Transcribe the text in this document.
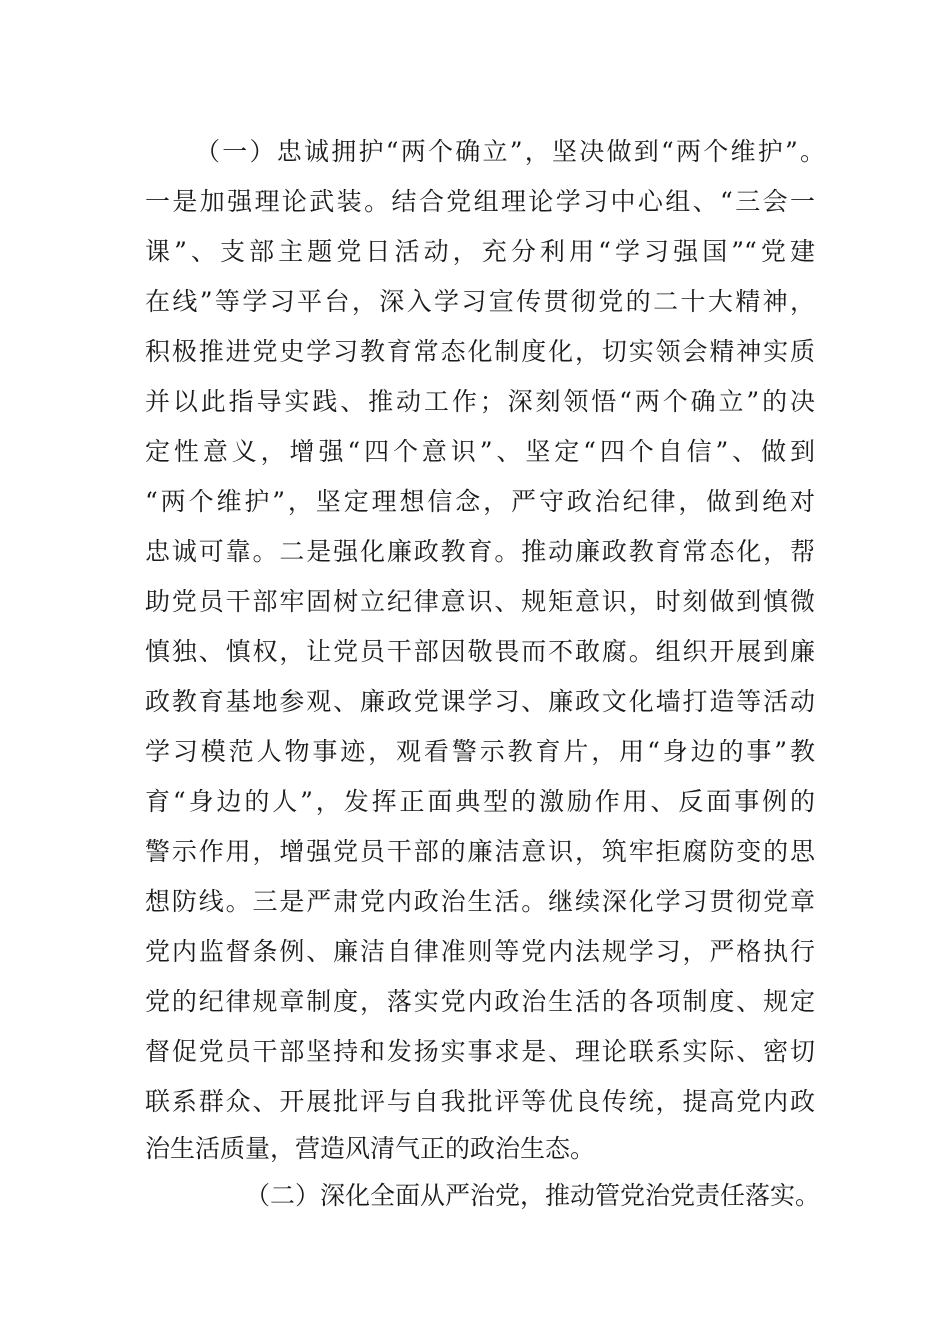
（一）忠诚拥护“两个确立”，坚决做到“两个维护”。
一是加强理论武装。结合党组理论学习中心组、“三会一
课”、支部主题党日活动，充分利用“学习强国”“党建
在线”等学习平台，深入学习宣传贯彻党的二十大精神，
积极推进党史学习教育常态化制度化，切实领会精神实质
并以此指导实践、推动工作；深刻领悟“两个确立”的决
定性意义，增强“四个意识”、坚定“四个自信”、做到
“两个维护”，坚定理想信念，严守政治纪律，做到绝对
忠诚可靠。二是强化廉政教育。推动廉政教育常态化，帮
助党员干部牢固树立纪律意识、规矩意识，时刻做到慎微
慎独、慎权，让党员干部因敬畏而不敢腐。组织开展到廉
政教育基地参观、廉政党课学习、廉政文化墙打造等活动
学习模范人物事迹，观看警示教育片，用“身边的事”教
育“身边的人”，发挥正面典型的激励作用、反面事例的
警示作用，增强党员干部的廉洁意识，筑牢拒腐防变的思
想防线。三是严肃党内政治生活。继续深化学习贯彻党章
党内监督条例、廉洁自律准则等党内法规学习，严格执行
党的纪律规章制度，落实党内政治生活的各项制度、规定
督促党员干部坚持和发扬实事求是、理论联系实际、密切
联系群众、开展批评与自我批评等优良传统，提高党内政
治生活质量，营造风清气正的政治生态。
（二）深化全面从严治党，推动管党治党责任落实。
